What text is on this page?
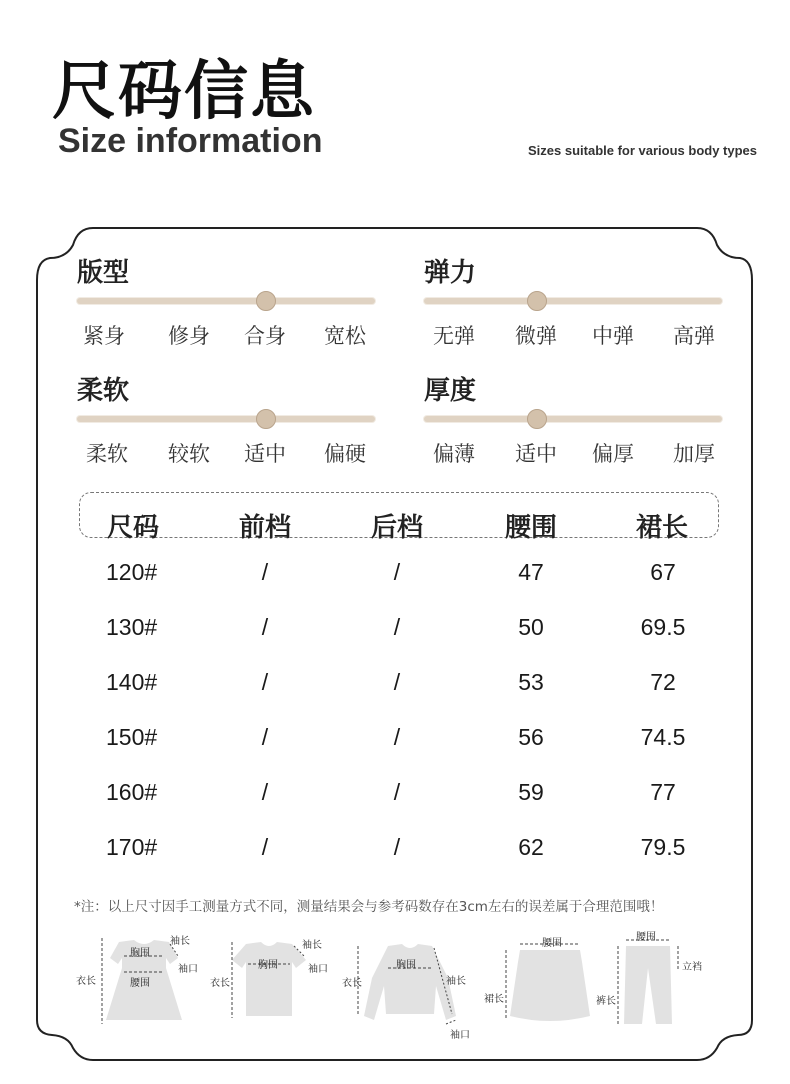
尺码信息
Size information	Sizes suitable for various body types
版型
紧身 修身 合身 宽松
弹力
无弹 微弹 中弹 高弹
柔软
柔软 较软 适中 偏硬
厚度
偏薄 适中 偏厚 加厚
尺码	前档	后档	腰围	裙长
120#	/	/	47	67
130#	/	/	50	69.5
140#	/	/	53	72
150#	/	/	56	74.5
160#	/	/	59	77
170#	/	/	62	79.5
*注：以上尺寸因手工测量方式不同，测量结果会与参考码数存在3cm左右的误差属于合理范围哦！
衣长
胸围
腰围
袖长
袖口
衣长
胸围
袖长
袖口
衣长
胸围
袖长
袖口
腰围
裙长
腰围
裤长
立裆
